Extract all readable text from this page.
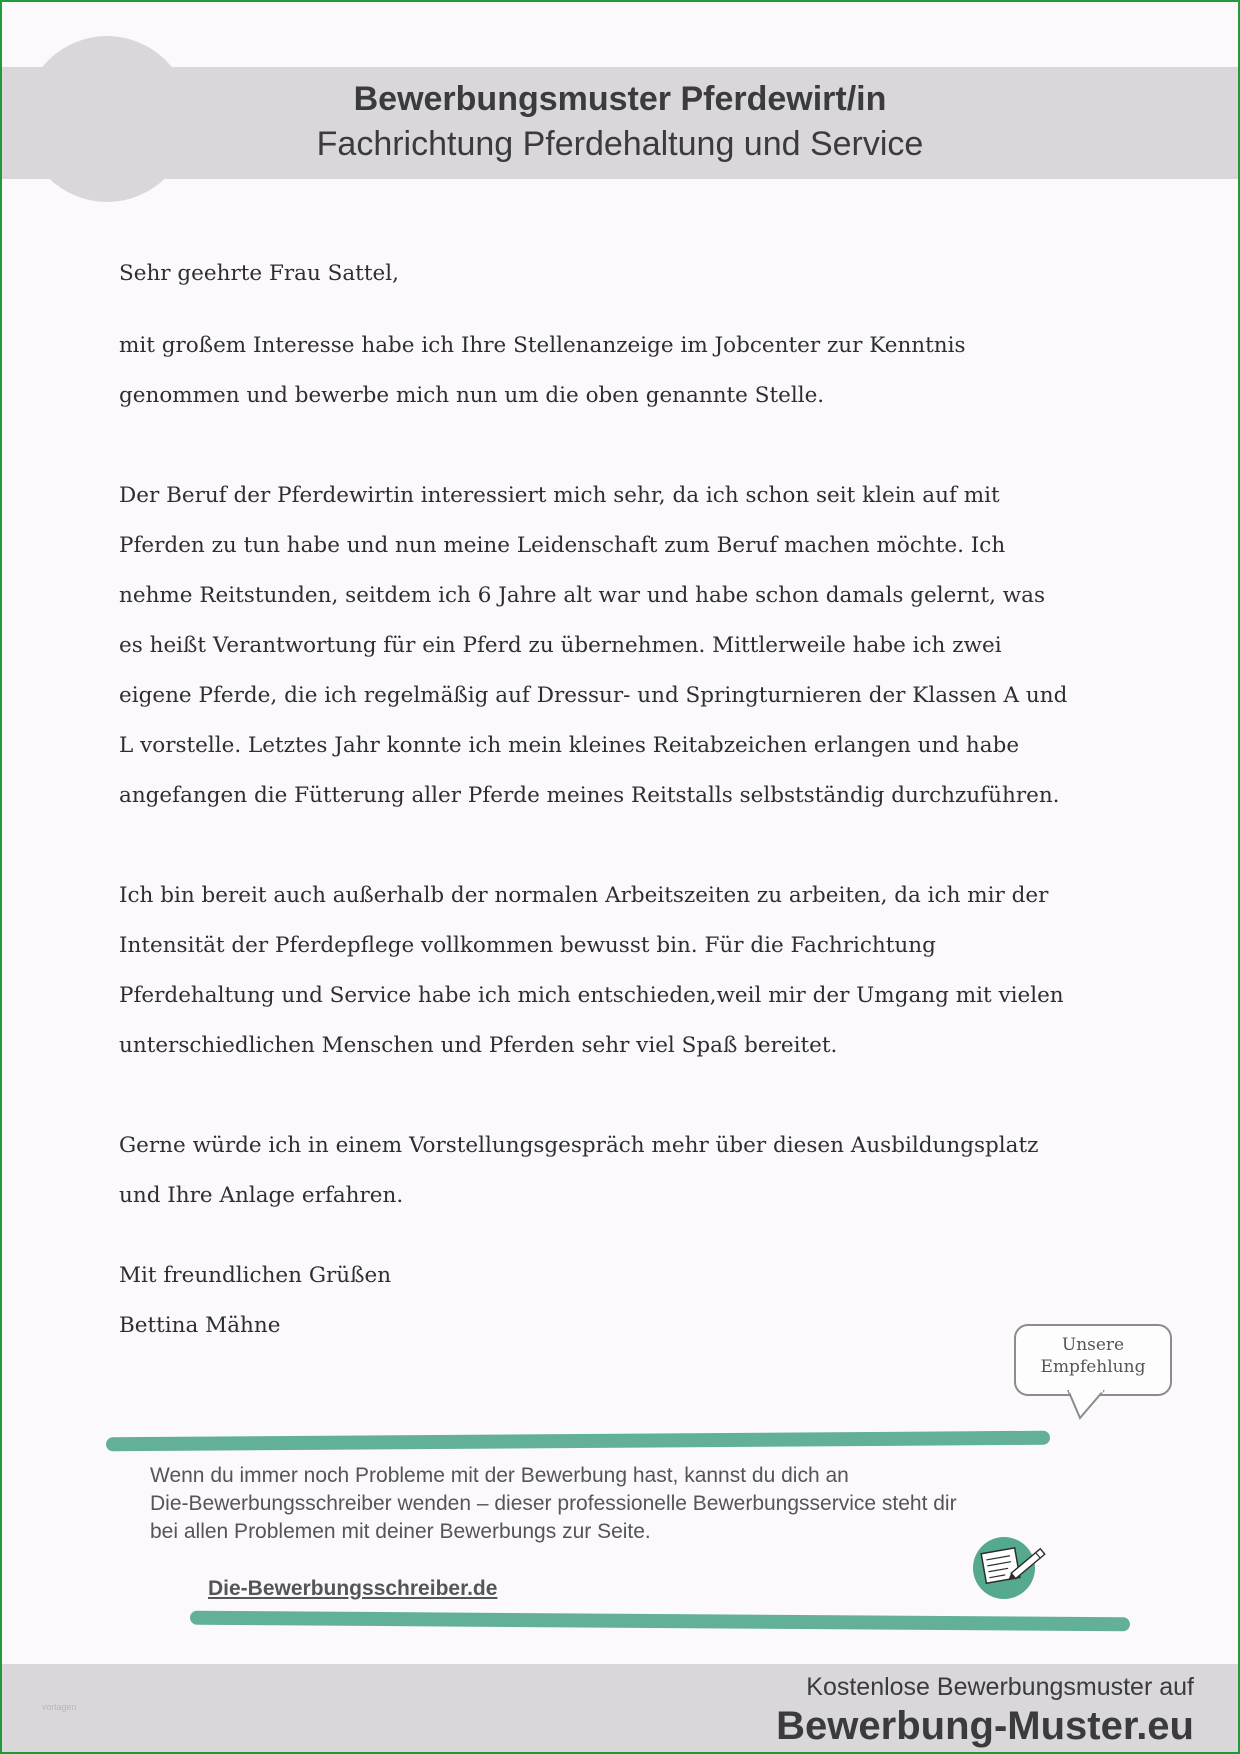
Bewerbungsmuster Pferdewirt/in
Fachrichtung Pferdehaltung und Service

Sehr geehrte Frau Sattel,

mit großem Interesse habe ich Ihre Stellenanzeige im Jobcenter zur Kenntnis

genommen und bewerbe mich nun um die oben genannte Stelle.

Der Beruf der Pferdewirtin interessiert mich sehr, da ich schon seit klein auf mit

Pferden zu tun habe und nun meine Leidenschaft zum Beruf machen möchte. Ich

nehme Reitstunden, seitdem ich 6 Jahre alt war und habe schon damals gelernt, was

es heißt Verantwortung für ein Pferd zu übernehmen. Mittlerweile habe ich zwei

eigene Pferde, die ich regelmäßig auf Dressur- und Springturnieren der Klassen A und

L vorstelle. Letztes Jahr konnte ich mein kleines Reitabzeichen erlangen und habe

angefangen die Fütterung aller Pferde meines Reitstalls selbstständig durchzuführen.

Ich bin bereit auch außerhalb der normalen Arbeitszeiten zu arbeiten, da ich mir der

Intensität der Pferdepflege vollkommen bewusst bin. Für die Fachrichtung

Pferdehaltung und Service habe ich mich entschieden,weil mir der Umgang mit vielen

unterschiedlichen Menschen und Pferden sehr viel Spaß bereitet.

Gerne würde ich in einem Vorstellungsgespräch mehr über diesen Ausbildungsplatz

und Ihre Anlage erfahren.

Mit freundlichen Grüßen
Bettina Mähne
Unsere
Empfehlung
Wenn du immer noch Probleme mit der Bewerbung hast, kannst du dich an
Die-Bewerbungsschreiber wenden – dieser professionelle Bewerbungsservice steht dir
bei allen Problemen mit deiner Bewerbungs zur Seite.
Die-Bewerbungsschreiber.de
vorlagen
Kostenlose Bewerbungsmuster auf
Bewerbung-Muster.eu
